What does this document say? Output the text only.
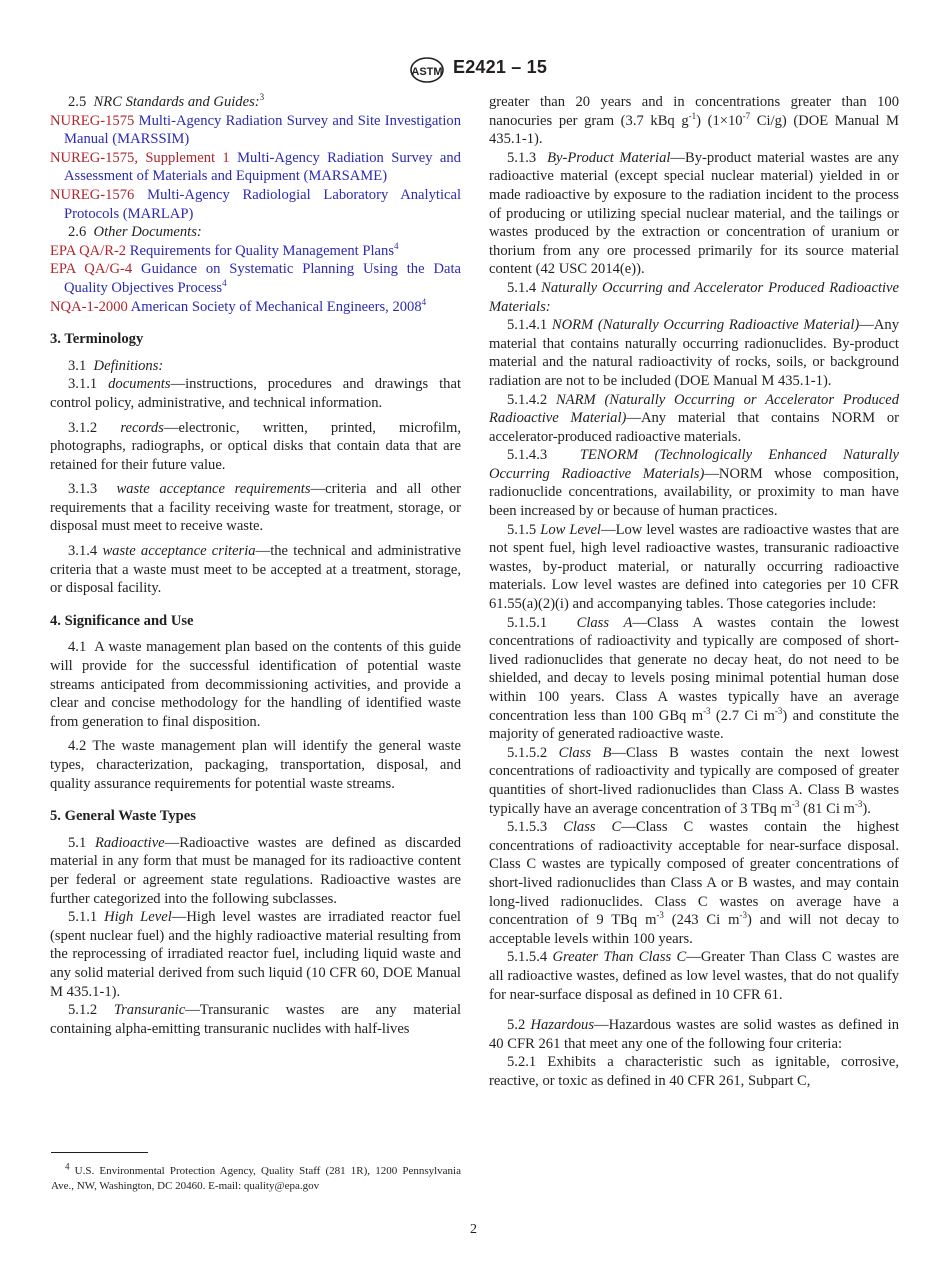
ASTM E2421 – 15

2.5 NRC Standards and Guides:$^3$

NUREG-1575 Multi-Agency Radiation Survey and Site Investigation Manual (MARSSIM)

NUREG-1575, Supplement 1 Multi-Agency Radiation Survey and Assessment of Materials and Equipment (MARSAME)

NUREG-1576 Multi-Agency Radiologial Laboratory Analytical Protocols (MARLAP)

2.6 Other Documents:

EPA QA/R-2 Requirements for Quality Management Plans$^4$

EPA QA/G-4 Guidance on Systematic Planning Using the Data Quality Objectives Process$^4$

NQA-1-2000 American Society of Mechanical Engineers, 2008$^4$

3. Terminology

3.1 Definitions:

3.1.1 documents—instructions, procedures and drawings that control policy, administrative, and technical information.

3.1.2 records—electronic, written, printed, microfilm, photographs, radiographs, or optical disks that contain data that are retained for their future value.

3.1.3 waste acceptance requirements—criteria and all other requirements that a facility receiving waste for treatment, storage, or disposal must meet to receive waste.

3.1.4 waste acceptance criteria—the technical and administrative criteria that a waste must meet to be accepted at a treatment, storage, or disposal facility.

4. Significance and Use

4.1 A waste management plan based on the contents of this guide will provide for the successful identification of potential waste streams anticipated from decommissioning activities, and provide a clear and concise methodology for the handling of identified waste from generation to final disposition.

4.2 The waste management plan will identify the general waste types, characterization, packaging, transportation, disposal, and quality assurance requirements for potential waste streams.

5. General Waste Types

5.1 Radioactive—Radioactive wastes are defined as discarded material in any form that must be managed for its radioactive content per federal or agreement state regulations. Radioactive wastes are further categorized into the following subclasses.

5.1.1 High Level—High level wastes are irradiated reactor fuel (spent nuclear fuel) and the highly radioactive material resulting from the reprocessing of irradiated reactor fuel, including liquid waste and any solid material derived from such liquid (10 CFR 60, DOE Manual M 435.1-1).

5.1.2 Transuranic—Transuranic wastes are any material containing alpha-emitting transuranic nuclides with half-lives

greater than 20 years and in concentrations greater than 100 nanocuries per gram (3.7 kBq $g^{-1}$) ($1\times 10^{-7}$ Ci/g) (DOE Manual M 435.1-1).

5.1.3 By-Product Material—By-product material wastes are any radioactive material (except special nuclear material) yielded in or made radioactive by exposure to the radiation incident to the process of producing or utilizing special nuclear material, and the tailings or wastes produced by the extraction or concentration of uranium or thorium from any ore processed primarily for its source material content (42 USC 2014(e)).

5.1.4 Naturally Occurring and Accelerator Produced Radioactive Materials:

5.1.4.1 NORM (Naturally Occurring Radioactive Material)—Any material that contains naturally occurring radionuclides. By-product material and the natural radioactivity of rocks, soils, or background radiation are not to be included (DOE Manual M 435.1-1).

5.1.4.2 NARM (Naturally Occurring or Accelerator Produced Radioactive Material)—Any material that contains NORM or accelerator-produced radioactive materials.

5.1.4.3 TENORM (Technologically Enhanced Naturally Occurring Radioactive Materials)—NORM whose composition, radionuclide concentrations, availability, or proximity to man have been increased by or because of human practices.

5.1.5 Low Level—Low level wastes are radioactive wastes that are not spent fuel, high level radioactive wastes, transuranic radioactive wastes, by-product material, or naturally occurring radioactive materials. Low level wastes are defined into categories per 10 CFR 61.55(a)(2)(i) and accompanying tables. Those categories include:

5.1.5.1 Class A—Class A wastes contain the lowest concentrations of radioactivity and typically are composed of short-lived radionuclides that generate no decay heat, do not need to be shielded, and decay to levels posing minimal potential human dose within 100 years. Class A wastes typically have an average concentration less than 100 GBq $m^{-3}$ (2.7 Ci $m^{-3}$) and constitute the majority of generated radioactive waste.

5.1.5.2 Class B—Class B wastes contain the next lowest concentrations of radioactivity and typically are composed of greater quantities of short-lived radionuclides than Class A. Class B wastes typically have an average concentration of 3 TBq $m^{-3}$ (81 Ci $m^{-3}$).

5.1.5.3 Class C—Class C wastes contain the highest concentrations of radioactivity acceptable for near-surface disposal. Class C wastes are typically composed of greater concentrations of short-lived radionuclides than Class A or B wastes, and may contain long-lived radionuclides. Class C wastes on average have a concentration of 9 TBq $m^{-3}$ (243 Ci $m^{-3}$) and will not decay to acceptable levels within 100 years.

5.1.5.4 Greater Than Class C—Greater Than Class C wastes are all radioactive wastes, defined as low level wastes, that do not qualify for near-surface disposal as defined in 10 CFR 61.

5.2 Hazardous—Hazardous wastes are solid wastes as defined in 40 CFR 261 that meet any one of the following four criteria:

5.2.1 Exhibits a characteristic such as ignitable, corrosive, reactive, or toxic as defined in 40 CFR 261, Subpart C,

$^4$ U.S. Environmental Protection Agency, Quality Staff (281 1R), 1200 Pennsylvania Ave., NW, Washington, DC 20460. E-mail: quality@epa.gov
2
